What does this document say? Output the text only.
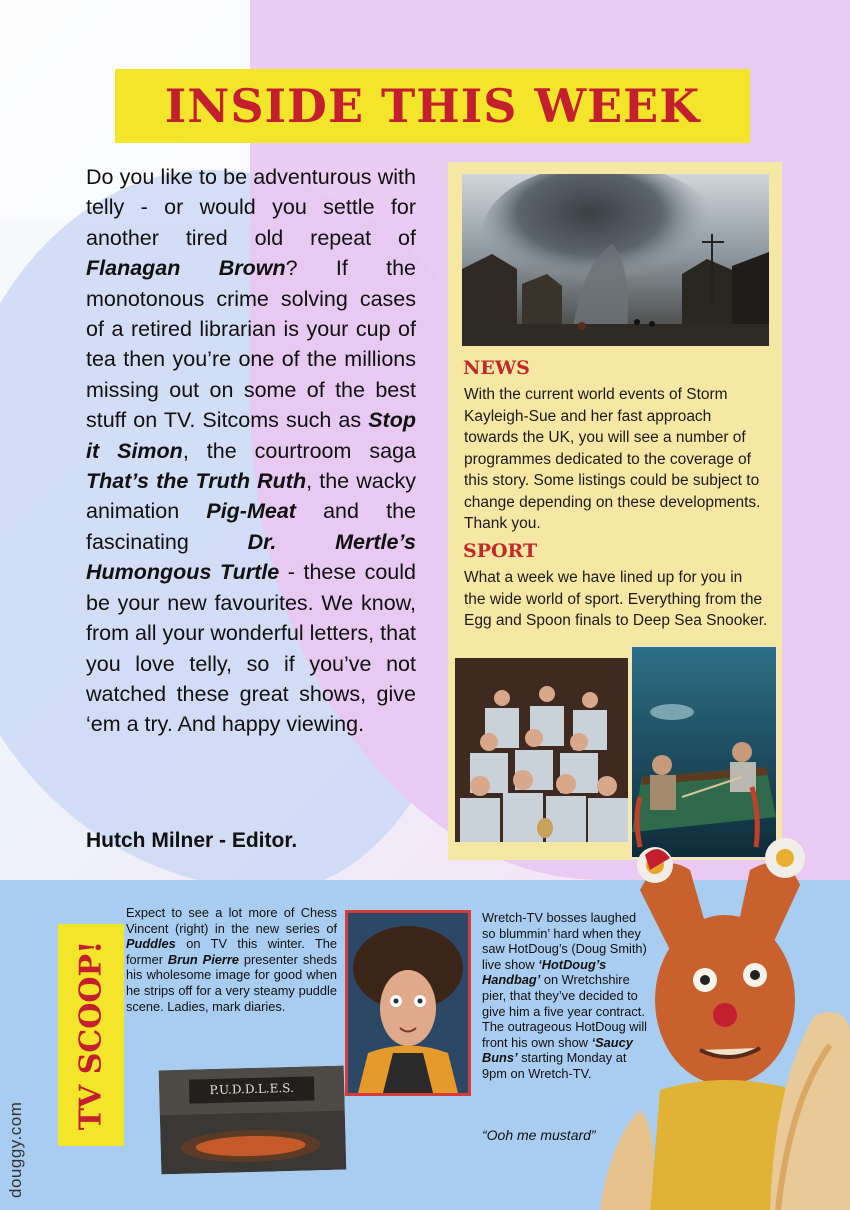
INSIDE THIS WEEK
Do you like to be adventurous with telly - or would you settle for another tired old repeat of Flanagan Brown? If the monotonous crime solving cases of a retired librarian is your cup of tea then you’re one of the millions missing out on some of the best stuff on TV. Sitcoms such as Stop it Simon, the courtroom saga That’s the Truth Ruth, the wacky animation Pig-Meat and the fascinating Dr. Mertle’s Humongous Turtle - these could be your new favourites. We know, from all your wonderful letters, that you love telly, so if you’ve not watched these great shows, give ‘em a try. And happy viewing.
Hutch Milner - Editor.
NEWS
With the current world events of Storm Kayleigh-Sue and her fast approach towards the UK, you will see a number of programmes dedicated to the coverage of this story. Some listings could be subject to change depending on these developments. Thank you.
SPORT
What a week we have lined up for you in the wide world of sport. Everything from the Egg and Spoon finals to Deep Sea Snooker.
TV SCOOP!
Expect to see a lot more of Chess Vincent (right) in the new series of Puddles on TV this winter. The former Brun Pierre presenter sheds his wholesome image for good when he strips off for a very steamy puddle scene. Ladies, mark diaries.
P.U.D.D.L.E.S.
Wretch-TV bosses laughed so blummin’ hard when they saw HotDoug’s (Doug Smith) live show ‘HotDoug’s Handbag’ on Wretchshire pier, that they’ve decided to give him a five year contract. The outrageous HotDoug will front his own show ‘Saucy Buns’ starting Monday at 9pm on Wretch-TV.
“Ooh me mustard”
douggy.com
